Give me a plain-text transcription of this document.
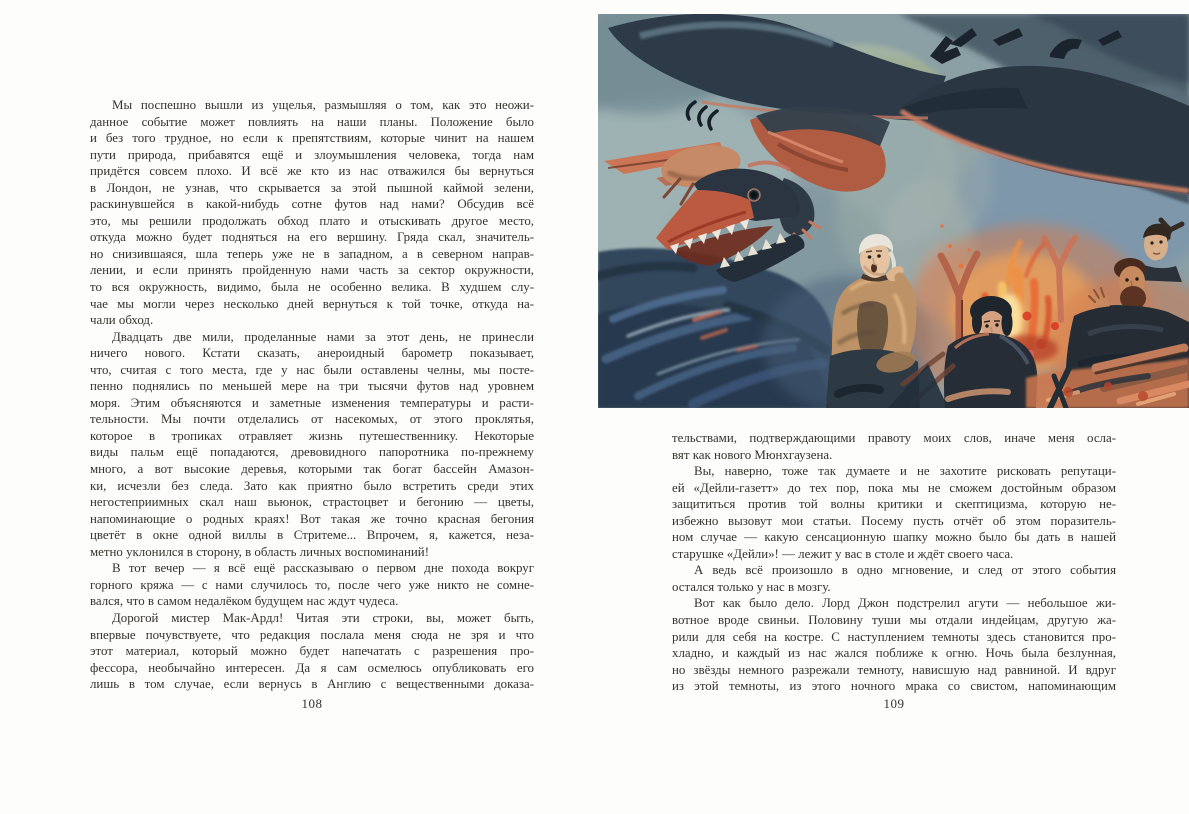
Мы поспешно вышли из ущелья, размышляя о том, как это неожи-
данное событие может повлиять на наши планы. Положение было
и без того трудное, но если к препятствиям, которые чинит на нашем
пути природа, прибавятся ещё и злоумышления человека, тогда нам
придётся совсем плохо. И всё же кто из нас отважился бы вернуться
в Лондон, не узнав, что скрывается за этой пышной каймой зелени,
раскинувшейся в какой-нибудь сотне футов над нами? Обсудив всё
это, мы решили продолжать обход плато и отыскивать другое место,
откуда можно будет подняться на его вершину. Гряда скал, значитель-
но снизившаяся, шла теперь уже не в западном, а в северном направ-
лении, и если принять пройденную нами часть за сектор окружности,
то вся окружность, видимо, была не особенно велика. В худшем слу-
чае мы могли через несколько дней вернуться к той точке, откуда на-
чали обход.
Двадцать две мили, проделанные нами за этот день, не принесли
ничего нового. Кстати сказать, анероидный барометр показывает,
что, считая с того места, где у нас были оставлены челны, мы посте-
пенно поднялись по меньшей мере на три тысячи футов над уровнем
моря. Этим объясняются и заметные изменения температуры и расти-
тельности. Мы почти отделались от насекомых, от этого проклятья,
которое в тропиках отравляет жизнь путешественнику. Некоторые
виды пальм ещё попадаются, древовидного папоротника по-прежнему
много, а вот высокие деревья, которыми так богат бассейн Амазон-
ки, исчезли без следа. Зато как приятно было встретить среди этих
негостеприимных скал наш вьюнок, страстоцвет и бегонию — цветы,
напоминающие о родных краях! Вот такая же точно красная бегония
цветёт в окне одной виллы в Стритеме... Впрочем, я, кажется, неза-
метно уклонился в сторону, в область личных воспоминаний!
В тот вечер — я всё ещё рассказываю о первом дне похода вокруг
горного кряжа — с нами случилось то, после чего уже никто не сомне-
вался, что в самом недалёком будущем нас ждут чудеса.
Дорогой мистер Мак-Ардл! Читая эти строки, вы, может быть,
впервые почувствуете, что редакция послала меня сюда не зря и что
этот материал, который можно будет напечатать с разрешения про-
фессора, необычайно интересен. Да я сам осмелюсь опубликовать его
лишь в том случае, если вернусь в Англию с вещественными доказа-
108
тельствами, подтверждающими правоту моих слов, иначе меня осла-
вят как нового Мюнхгаузена.
Вы, наверно, тоже так думаете и не захотите рисковать репутаци-
ей «Дейли-газетт» до тех пор, пока мы не сможем достойным образом
защититься против той волны критики и скептицизма, которую не-
избежно вызовут мои статьи. Посему пусть отчёт об этом поразитель-
ном случае — какую сенсационную шапку можно было бы дать в нашей
старушке «Дейли»! — лежит у вас в столе и ждёт своего часа.
А ведь всё произошло в одно мгновение, и след от этого события
остался только у нас в мозгу.
Вот как было дело. Лорд Джон подстрелил агути — небольшое жи-
вотное вроде свиньи. Половину туши мы отдали индейцам, другую жа-
рили для себя на костре. С наступлением темноты здесь становится про-
хладно, и каждый из нас жался поближе к огню. Ночь была безлунная,
но звёзды немного разрежали темноту, нависшую над равниной. И вдруг
из этой темноты, из этого ночного мрака со свистом, напоминающим
109
